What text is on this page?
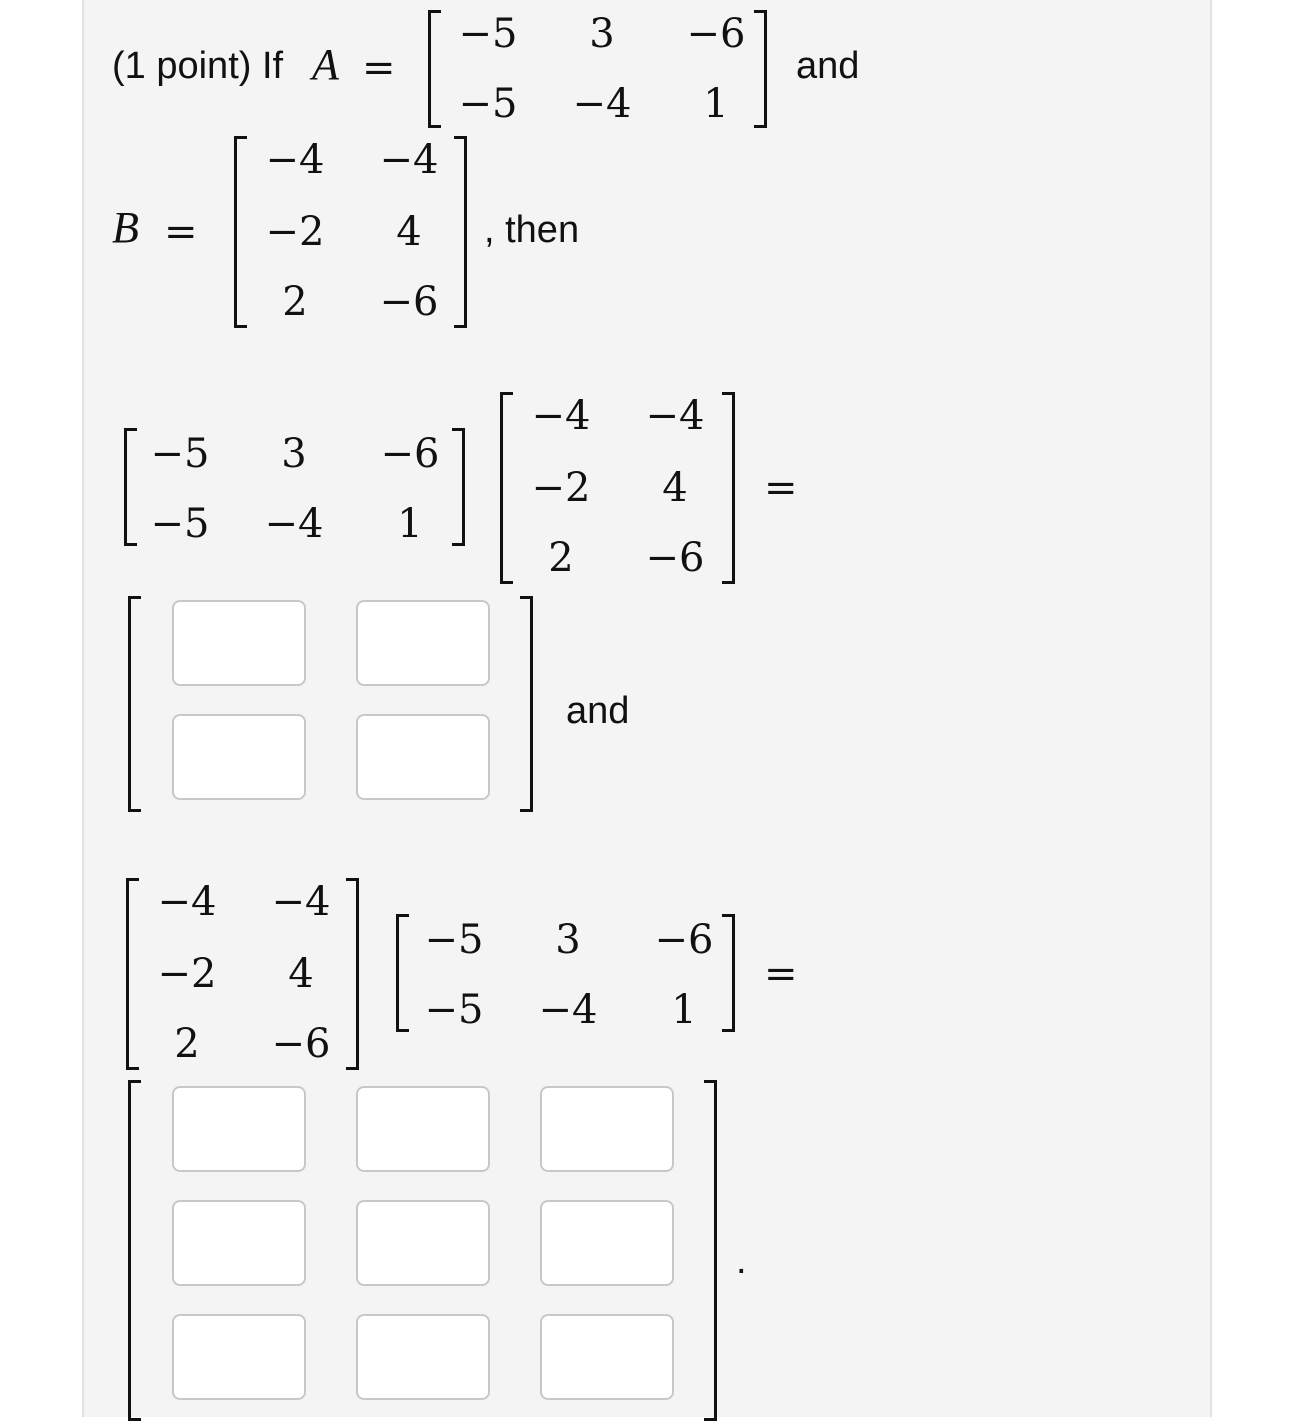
(1 point) If A =
−5	3	−6
−5	−4	1
and
B =
−4	−4
−2	4
2	−6
, then
−5	3	−6
−5	−4	1
−4	−4
−2	4
2	−6
=
and
−4	−4
−2	4
2	−6
−5	3	−6
−5	−4	1
=
.
